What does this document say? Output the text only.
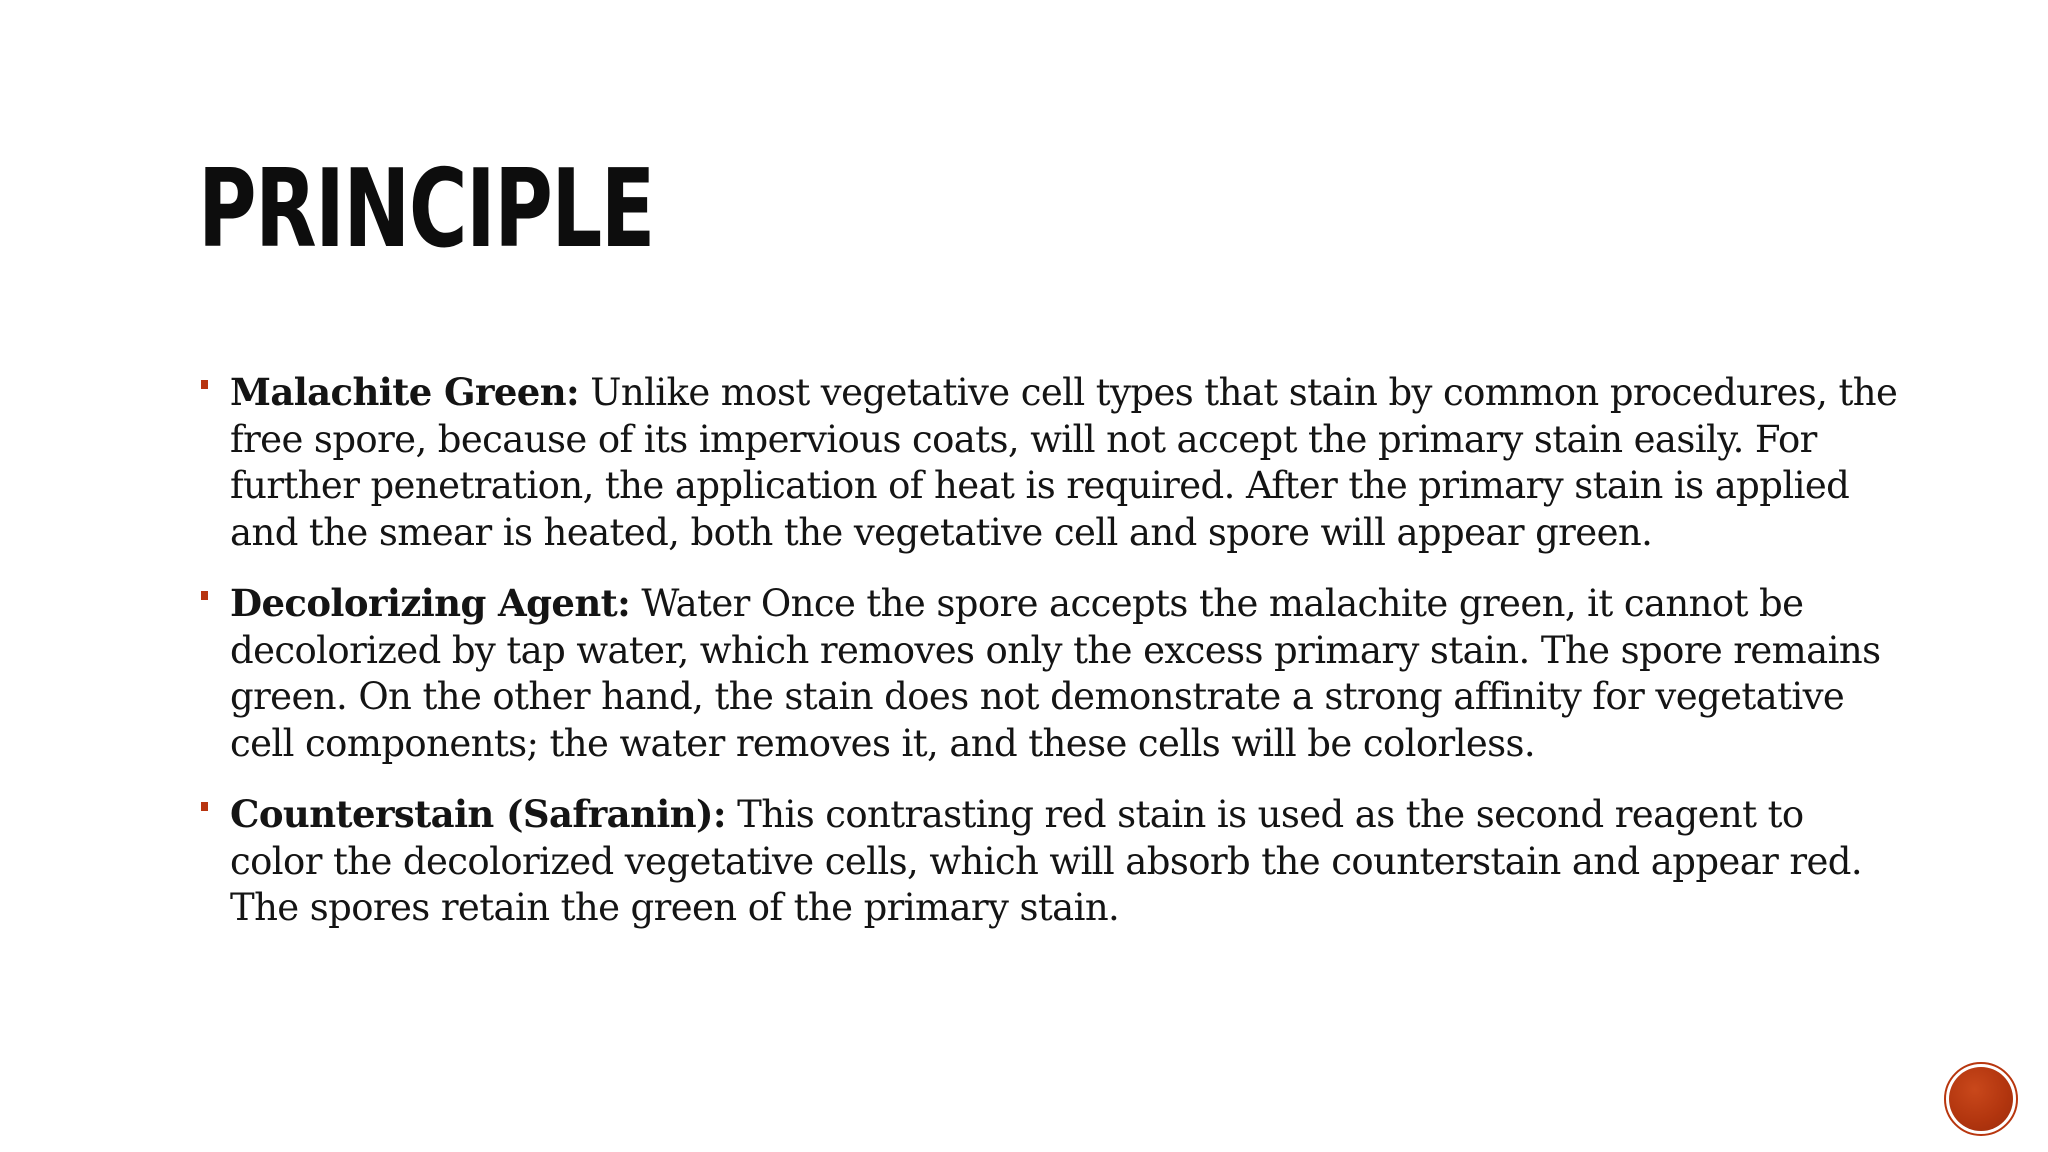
PRINCIPLE
Malachite Green: Unlike most vegetative cell types that stain by common procedures, the free spore, because of its impervious coats, will not accept the primary stain easily. For further penetration, the application of heat is required. After the primary stain is applied and the smear is heated, both the vegetative cell and spore will appear green.
Decolorizing Agent: Water Once the spore accepts the malachite green, it cannot be decolorized by tap water, which removes only the excess primary stain. The spore remains green. On the other hand, the stain does not demonstrate a strong affinity for vegetative cell components; the water removes it, and these cells will be colorless.
Counterstain (Safranin): This contrasting red stain is used as the second reagent to color the decolorized vegetative cells, which will absorb the counterstain and appear red. The spores retain the green of the primary stain.
